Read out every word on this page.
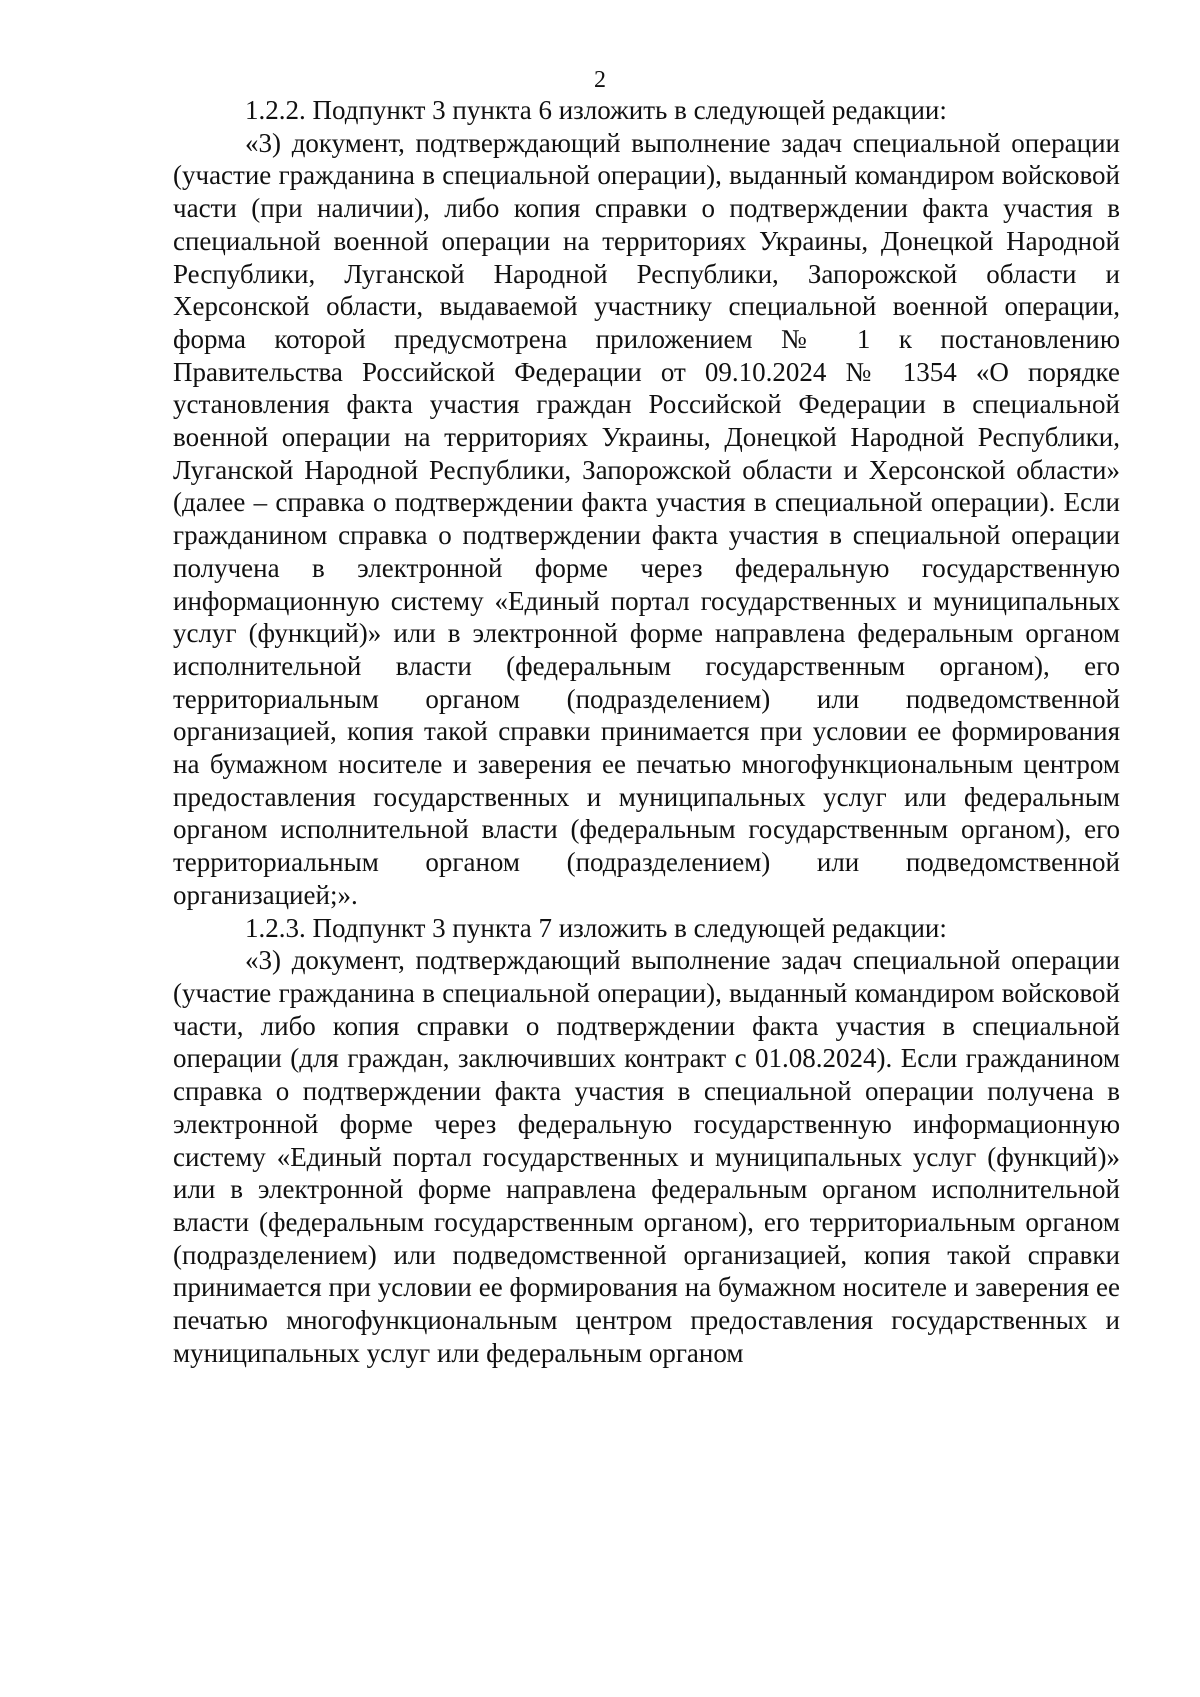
2

1.2.2. Подпункт 3 пункта 6 изложить в следующей редакции:

«3) документ, подтверждающий выполнение задач специальной операции (участие гражданина в специальной операции), выданный командиром войсковой части (при наличии), либо копия справки о подтверждении факта участия в специальной военной операции на территориях Украины, Донецкой Народной Республики, Луганской Народной Республики, Запорожской области и Херсонской области, выдаваемой участнику специальной военной операции, форма которой предусмотрена приложением № 1 к постановлению Правительства Российской Федерации от 09.10.2024 № 1354 «О порядке установления факта участия граждан Российской Федерации в специальной военной операции на территориях Украины, Донецкой Народной Республики, Луганской Народной Республики, Запорожской области и Херсонской области» (далее – справка о подтверждении факта участия в специальной операции). Если гражданином справка о подтверждении факта участия в специальной операции получена в электронной форме через федеральную государственную информационную систему «Единый портал государственных и муниципальных услуг (функций)» или в электронной форме направлена федеральным органом исполнительной власти (федеральным государственным органом), его территориальным органом (подразделением) или подведомственной организацией, копия такой справки принимается при условии ее формирования на бумажном носителе и заверения ее печатью многофункциональным центром предоставления государственных и муниципальных услуг или федеральным органом исполнительной власти (федеральным государственным органом), его территориальным органом (подразделением) или подведомственной организацией;».

1.2.3. Подпункт 3 пункта 7 изложить в следующей редакции:

«3) документ, подтверждающий выполнение задач специальной операции (участие гражданина в специальной операции), выданный командиром войсковой части, либо копия справки о подтверждении факта участия в специальной операции (для граждан, заключивших контракт с 01.08.2024). Если гражданином справка о подтверждении факта участия в специальной операции получена в электронной форме через федеральную государственную информационную систему «Единый портал государственных и муниципальных услуг (функций)» или в электронной форме направлена федеральным органом исполнительной власти (федеральным государственным органом), его территориальным органом (подразделением) или подведомственной организацией, копия такой справки принимается при условии ее формирования на бумажном носителе и заверения ее печатью многофункциональным центром предоставления государственных и муниципальных услуг или федеральным органом
